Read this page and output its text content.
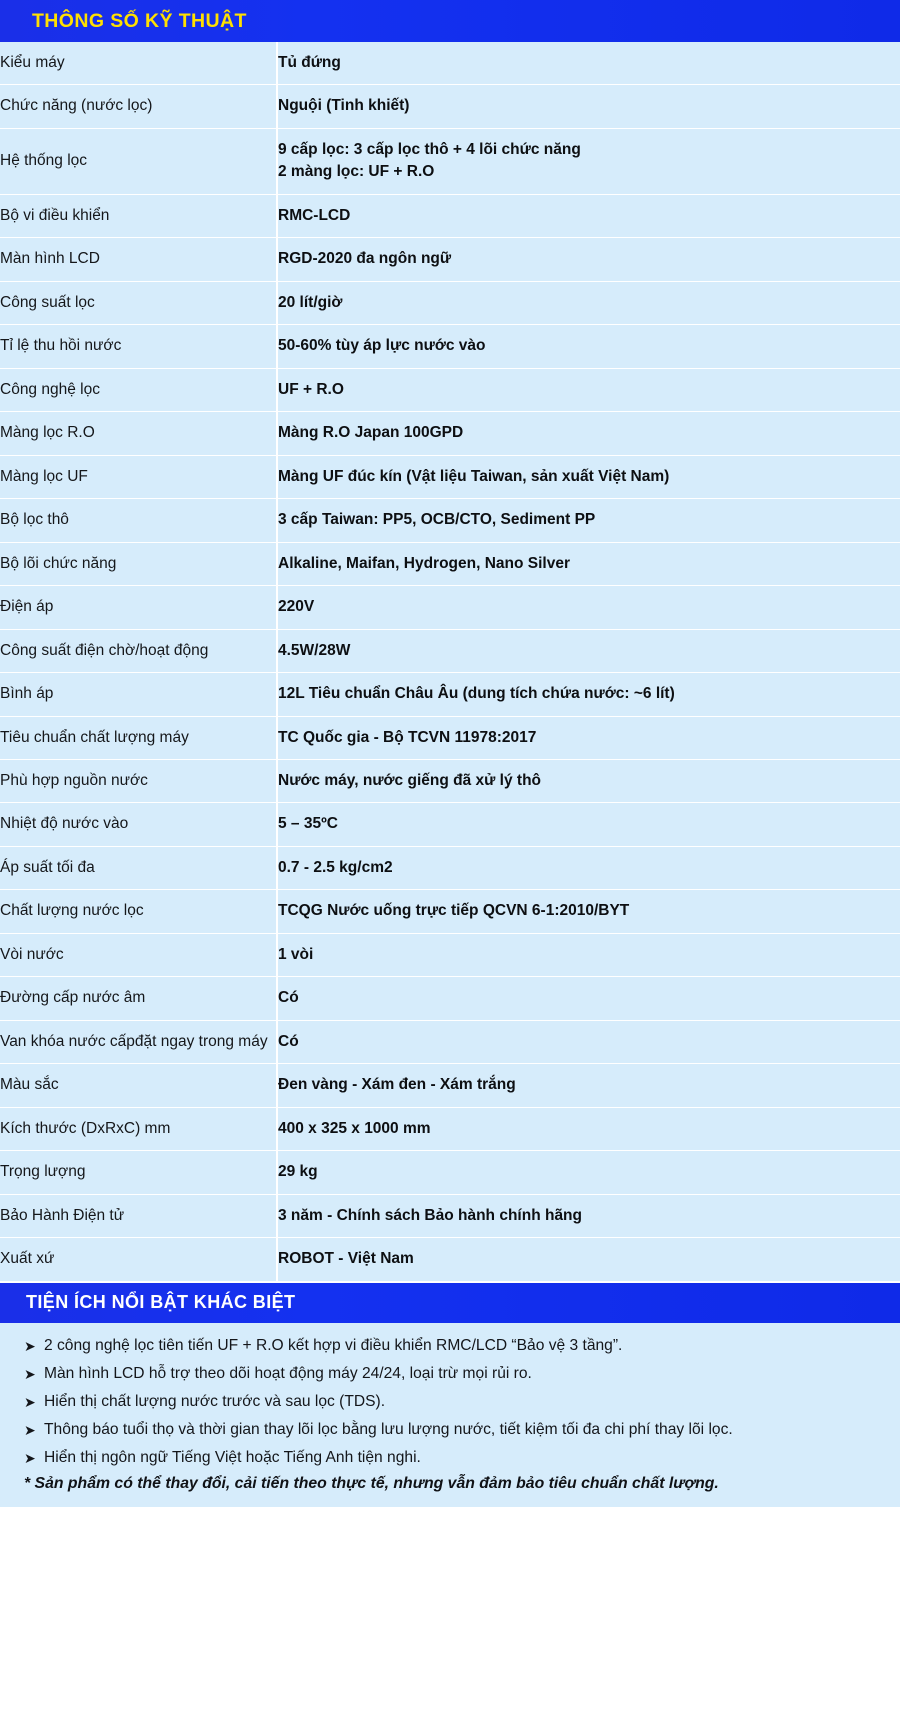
THÔNG SỐ KỸ THUẬT
Kiểu máy	Tủ đứng

Chức năng (nước lọc)	Nguội (Tinh khiết)

Hệ thống lọc	9 cấp lọc: 3 cấp lọc thô + 4 lõi chức năng
2 màng lọc: UF + R.O

Bộ vi điều khiển	RMC-LCD

Màn hình LCD	RGD-2020 đa ngôn ngữ

Công suất lọc	20 lít/giờ

Tỉ lệ thu hồi nước	50-60% tùy áp lực nước vào

Công nghệ lọc	UF + R.O

Màng lọc R.O	Màng R.O Japan 100GPD

Màng lọc UF	Màng UF đúc kín (Vật liệu Taiwan, sản xuất Việt Nam)

Bộ lọc thô	3 cấp Taiwan: PP5, OCB/CTO, Sediment PP

Bộ lõi chức năng	Alkaline, Maifan, Hydrogen, Nano Silver

Điện áp	220V

Công suất điện chờ/hoạt động	4.5W/28W

Bình áp	12L Tiêu chuẩn Châu Âu (dung tích chứa nước: ~6 lít)

Tiêu chuẩn chất lượng máy	TC Quốc gia - Bộ TCVN 11978:2017

Phù hợp nguồn nước	Nước máy, nước giếng đã xử lý thô

Nhiệt độ nước vào	5 – 35ºC

Áp suất tối đa	0.7 - 2.5 kg/cm2

Chất lượng nước lọc	TCQG Nước uống trực tiếp QCVN 6-1:2010/BYT

Vòi nước	1 vòi

Đường cấp nước âm	Có

Van khóa nước cấpđặt ngay trong máy	Có

Màu sắc	Đen vàng - Xám đen - Xám trắng

Kích thước (DxRxC) mm	400 x 325 x 1000 mm

Trọng lượng	29 kg

Bảo Hành Điện tử	3 năm - Chính sách Bảo hành chính hãng

Xuất xứ	ROBOT - Việt Nam
TIỆN ÍCH NỔI BẬT KHÁC BIỆT
➤ 2 công nghệ lọc tiên tiến UF + R.O kết hợp vi điều khiển RMC/LCD “Bảo vệ 3 tầng”.
➤ Màn hình LCD hỗ trợ theo dõi hoạt động máy 24/24, loại trừ mọi rủi ro.
➤ Hiển thị chất lượng nước trước và sau lọc (TDS).
➤ Thông báo tuổi thọ và thời gian thay lõi lọc bằng lưu lượng nước, tiết kiệm tối đa chi phí thay lõi lọc.
➤ Hiển thị ngôn ngữ Tiếng Việt hoặc Tiếng Anh tiện nghi.
* Sản phẩm có thể thay đổi, cải tiến theo thực tế, nhưng vẫn đảm bảo tiêu chuẩn chất lượng.
